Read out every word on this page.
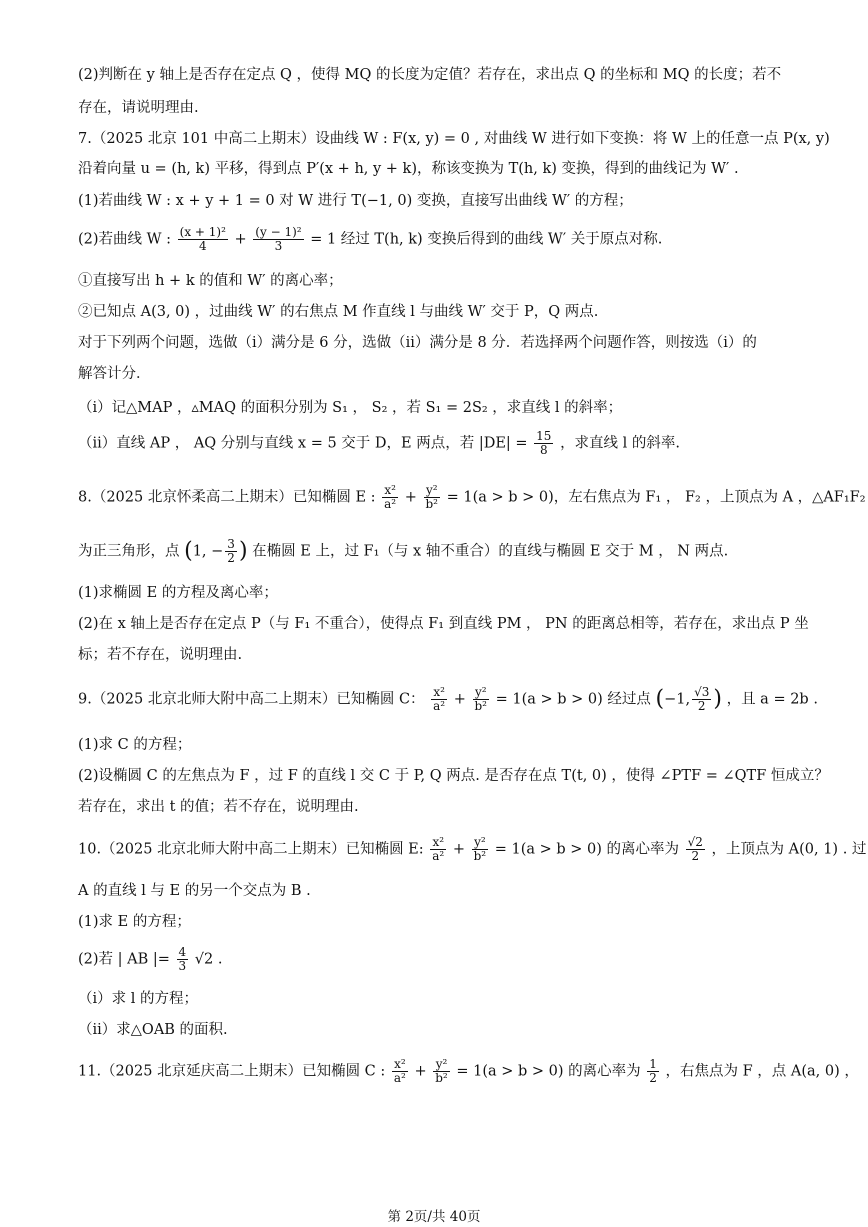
(2)判断在 y 轴上是否存在定点 Q ，使得 MQ 的长度为定值？若存在，求出点 Q 的坐标和 MQ 的长度；若不
存在，请说明理由.
7.（2025 北京 101 中高二上期末）设曲线 W : F(x, y) = 0 , 对曲线 W 进行如下变换：将 W 上的任意一点 P(x, y)
沿着向量 u = (h, k) 平移，得到点 P′(x + h, y + k)，称该变换为 T(h, k) 变换，得到的曲线记为 W′ .
(1)若曲线 W : x + y + 1 = 0 对 W 进行 T(−1, 0) 变换，直接写出曲线 W′ 的方程；
(2)若曲线 W : $\frac{\text{(x + 1)²}}{4} + \frac{\text{(y − 1)²}}{3} = 1$ 经过 T(h, k) 变换后得到的曲线 W′ 关于原点对称.
①直接写出 h + k 的值和 W′ 的离心率；
②已知点 A(3, 0) ，过曲线 W′ 的右焦点 M 作直线 l 与曲线 W′ 交于 P，Q 两点.
对于下列两个问题，选做（i）满分是 6 分，选做（ii）满分是 8 分．若选择两个问题作答，则按选（i）的
解答计分．
（i）记△MAP ，▵MAQ 的面积分别为 S₁ ， S₂ ，若 S₁ = 2S₂ ，求直线 l 的斜率；
（ii）直线 AP ， AQ 分别与直线 x = 5 交于 D，E 两点，若 $|DE| = \frac{15}{8}$ ，求直线 l 的斜率.
8.（2025 北京怀柔高二上期末）已知椭圆 E : $\frac{\text{x²}}{\text{a²}} + \frac{\text{y²}}{\text{b²}} = 1(a > b > 0)$，左右焦点为 F₁ ， F₂ ，上顶点为 A ，△AF₁F₂
为正三角形，点 (1, − $\frac{3}{2}$ ) 在椭圆 E 上，过 F₁（与 x 轴不重合）的直线与椭圆 E 交于 M ， N 两点.
(1)求椭圆 E 的方程及离心率；
(2)在 x 轴上是否存在定点 P（与 F₁ 不重合），使得点 F₁ 到直线 PM ， PN 的距离总相等，若存在，求出点 P 坐
标；若不存在，说明理由.
9.（2025 北京北师大附中高二上期末）已知椭圆 C： $\frac{\text{x²}}{\text{a²}} + \frac{\text{y²}}{\text{b²}} = 1(a > b > 0)$ 经过点 (−1, $\frac{√3}{2}$ ) ，且 a = 2b .
(1)求 C 的方程；
(2)设椭圆 C 的左焦点为 F ，过 F 的直线 l 交 C 于 P, Q 两点. 是否存在点 T(t, 0) ，使得 ∠PTF = ∠QTF 恒成立？
若存在，求出 t 的值；若不存在，说明理由.
10.（2025 北京北师大附中高二上期末）已知椭圆 E: $\frac{\text{x²}}{\text{a²}} + \frac{\text{y²}}{\text{b²}} = 1(a > b > 0)$ 的离心率为 $\frac{√2}{2}$ ，上顶点为 A(0, 1) . 过
A 的直线 l 与 E 的另一个交点为 B .
(1)求 E 的方程；
(2)若 | AB |= $\frac{4}{3} √2$ .
（i）求 l 的方程；
（ii）求△OAB 的面积.
11.（2025 北京延庆高二上期末）已知椭圆 C : $\frac{\text{x²}}{\text{a²}} + \frac{\text{y²}}{\text{b²}} = 1(a > b > 0)$ 的离心率为 $\frac{1}{2}$ ，右焦点为 F ，点 A(a, 0) ，
第 2页/共 40页
